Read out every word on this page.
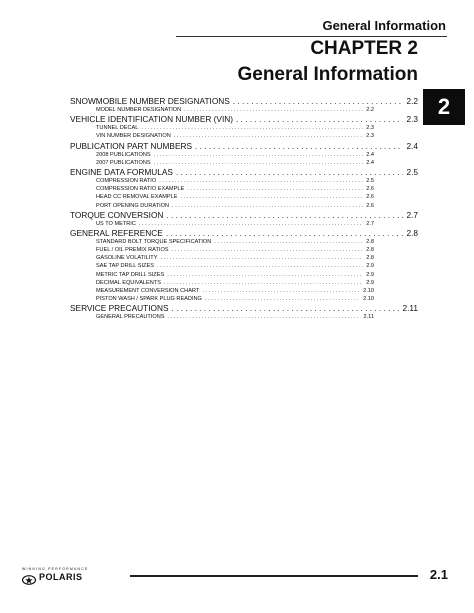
General Information
CHAPTER 2
General Information
2
SNOWMOBILE NUMBER DESIGNATIONS . . .	2.2
MODEL NUMBER DESIGNATION . . .	2.2
VEHICLE IDENTIFICATION NUMBER (VIN) . . .	2.3
TUNNEL DECAL . . .	2.3
VIN NUMBER DESIGNATION . . .	2.3
PUBLICATION PART NUMBERS . . .	2.4
2008 PUBLICATIONS . . .	2.4
2007 PUBLICATIONS . . .	2.4
ENGINE DATA FORMULAS . . .	2.5
COMPRESSION RATIO . . .	2.5
COMPRESSION RATIO EXAMPLE . . .	2.6
HEAD CC REMOVAL EXAMPLE . . .	2.6
PORT OPENING DURATION . . .	2.6
TORQUE CONVERSION . . .	2.7
US TO METRIC . . .	2.7
GENERAL REFERENCE . . .	2.8
STANDARD BOLT TORQUE SPECIFICATION . . .	2.8
FUEL / OIL PREMIX RATIOS . . .	2.8
GASOLINE VOLATILITY . . .	2.8
SAE TAP DRILL SIZES . . .	2.9
METRIC TAP DRILL SIZES . . .	2.9
DECIMAL EQUIVALENTS . . .	2.9
MEASUREMENT CONVERSION CHART . . .	2.10
PISTON WASH / SPARK PLUG READING . . .	2.10
SERVICE PRECAUTIONS . . .	2.11
GENERAL PRECAUTIONS . . .	2.11
POLARIS
WINNING PERFORMANCE	2.1
